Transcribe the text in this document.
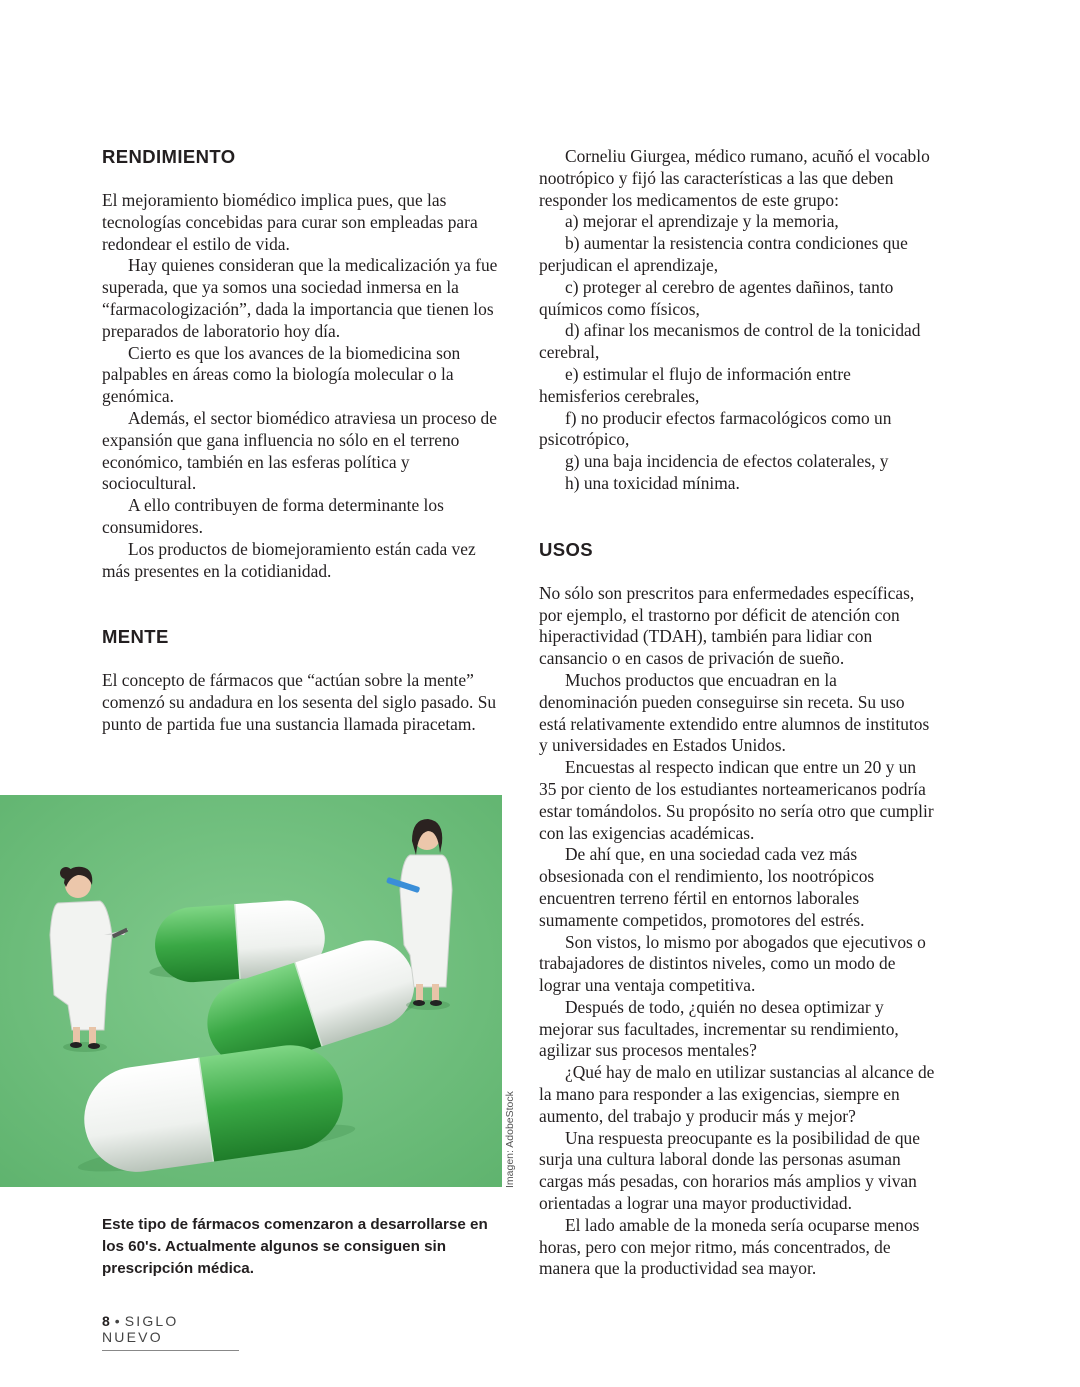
RENDIMIENTO

El mejoramiento biomédico implica pues, que las tecnologías concebidas para curar son empleadas para redondear el estilo de vida.

Hay quienes consideran que la medicalización ya fue superada, que ya somos una sociedad inmersa en la “farmacologización”, dada la importancia que tienen los preparados de laboratorio hoy día.

Cierto es que los avances de la biomedicina son palpables en áreas como la biología molecular o la genómica.

Además, el sector biomédico atraviesa un proceso de expansión que gana influencia no sólo en el terreno económico, también en las esferas política y sociocultural.

A ello contribuyen de forma determinante los consumidores.

Los productos de biomejoramiento están cada vez más presentes en la cotidianidad.

MENTE

El concepto de fármacos que “actúan sobre la mente” comenzó su andadura en los sesenta del siglo pasado. Su punto de partida fue una sustancia llamada piracetam.

Imagen: AdobeStock
Este tipo de fármacos comenzaron a desarrollarse en los 60's. Actualmente algunos se consiguen sin prescripción médica.

Corneliu Giurgea, médico rumano, acuñó el vocablo nootrópico y fijó las características a las que deben responder los medicamentos de este grupo:

a) mejorar el aprendizaje y la memoria,

b) aumentar la resistencia contra condiciones que perjudican el aprendizaje,

c) proteger al cerebro de agentes dañinos, tanto químicos como físicos,

d) afinar los mecanismos de control de la tonicidad cerebral,

e) estimular el flujo de información entre hemisferios cerebrales,

f) no producir efectos farmacológicos como un psicotrópico,

g) una baja incidencia de efectos colaterales, y

h) una toxicidad mínima.

USOS

No sólo son prescritos para enfermedades específicas, por ejemplo, el trastorno por déficit de atención con hiperactividad (TDAH), también para lidiar con cansancio o en casos de privación de sueño.

Muchos productos que encuadran en la denominación pueden conseguirse sin receta. Su uso está relativamente extendido entre alumnos de institutos y universidades en Estados Unidos.

Encuestas al respecto indican que entre un 20 y un 35 por ciento de los estudiantes norteamericanos podría estar tomándolos. Su propósito no sería otro que cumplir con las exigencias académicas.

De ahí que, en una sociedad cada vez más obsesionada con el rendimiento, los nootrópicos encuentren terreno fértil en entornos laborales sumamente competidos, promotores del estrés.

Son vistos, lo mismo por abogados que ejecutivos o trabajadores de distintos niveles, como un modo de lograr una ventaja competitiva.

Después de todo, ¿quién no desea optimizar y mejorar sus facultades, incrementar su rendimiento, agilizar sus procesos mentales?

¿Qué hay de malo en utilizar sustancias al alcance de la mano para responder a las exigencias, siempre en aumento, del trabajo y producir más y mejor?

Una respuesta preocupante es la posibilidad de que surja una cultura laboral donde las personas asuman cargas más pesadas, con horarios más amplios y vivan orientadas a lograr una mayor productividad.

El lado amable de la moneda sería ocuparse menos horas, pero con mejor ritmo, más concentrados, de manera que la productividad sea mayor.

8 • SIGLO NUEVO
